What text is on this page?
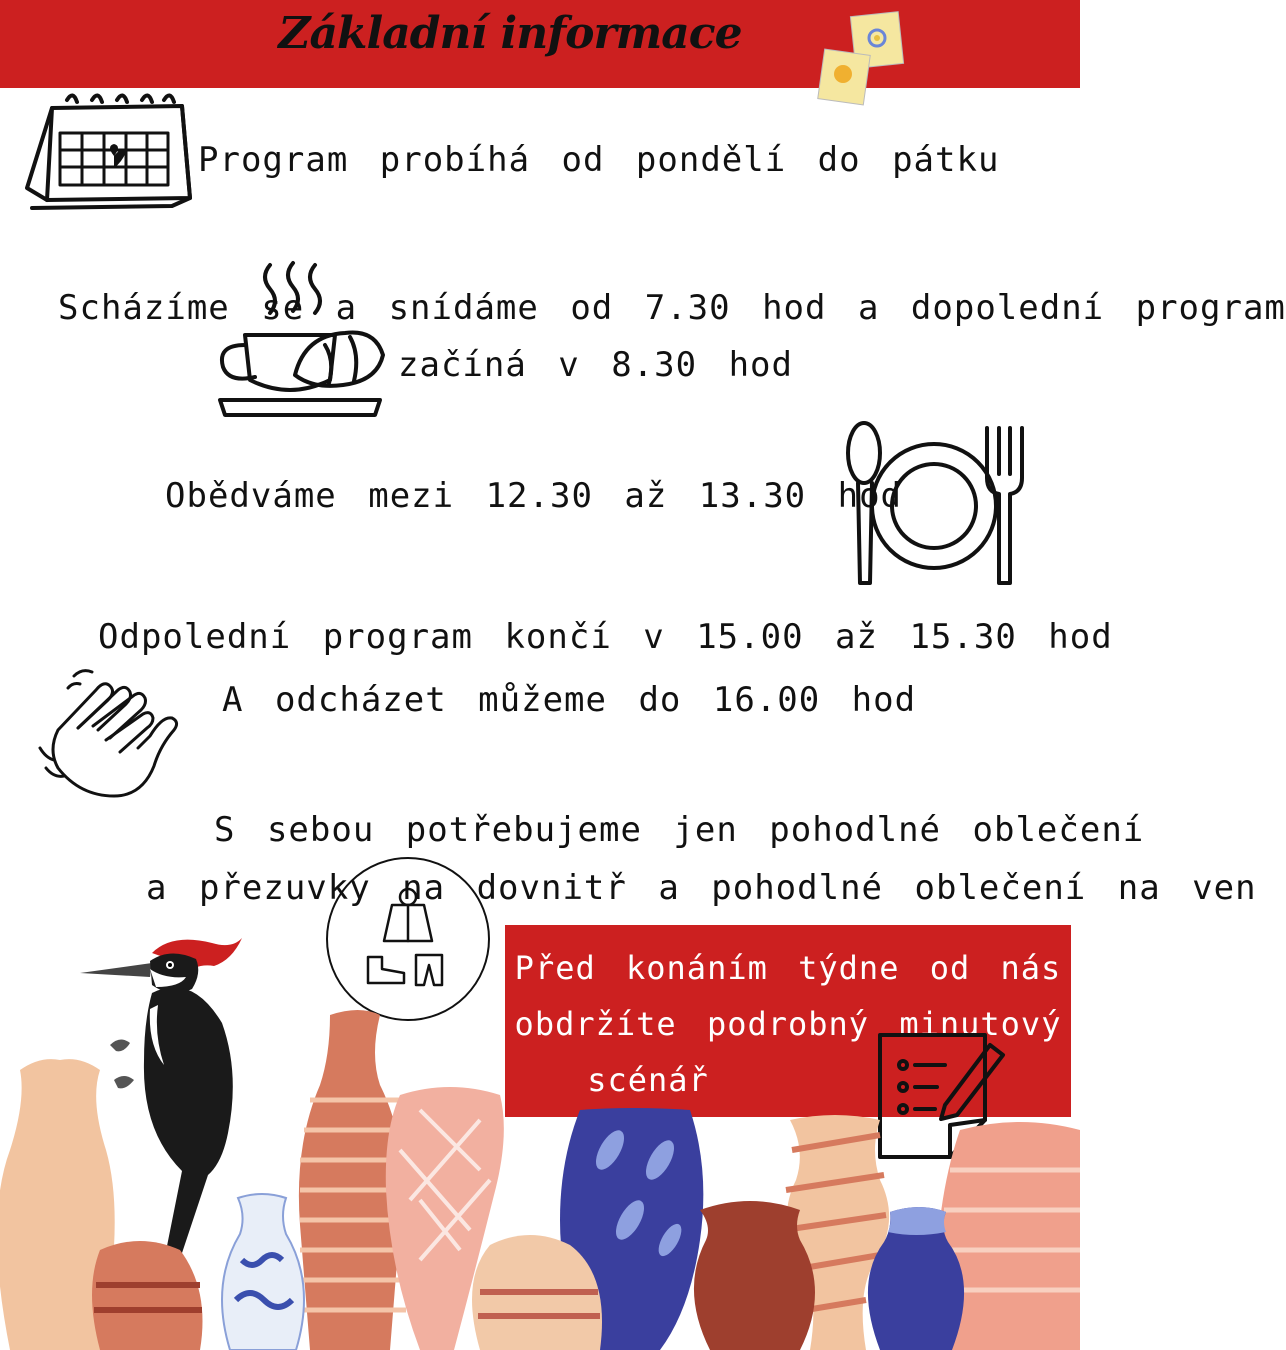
Základní informace
Program probíhá od pondělí do pátku
Scházíme se a snídáme od 7.30 hod a dopolední program
začíná v 8.30 hod
Obědváme mezi 12.30 až 13.30 hod
Odpolední program končí v 15.00 až 15.30 hod
A odcházet můžeme do 16.00 hod
S sebou potřebujeme jen pohodlné oblečení
a přezuvky na dovnitř a pohodlné oblečení na ven
Před konáním týdne od nás
obdržíte podrobný minutový
scénář
